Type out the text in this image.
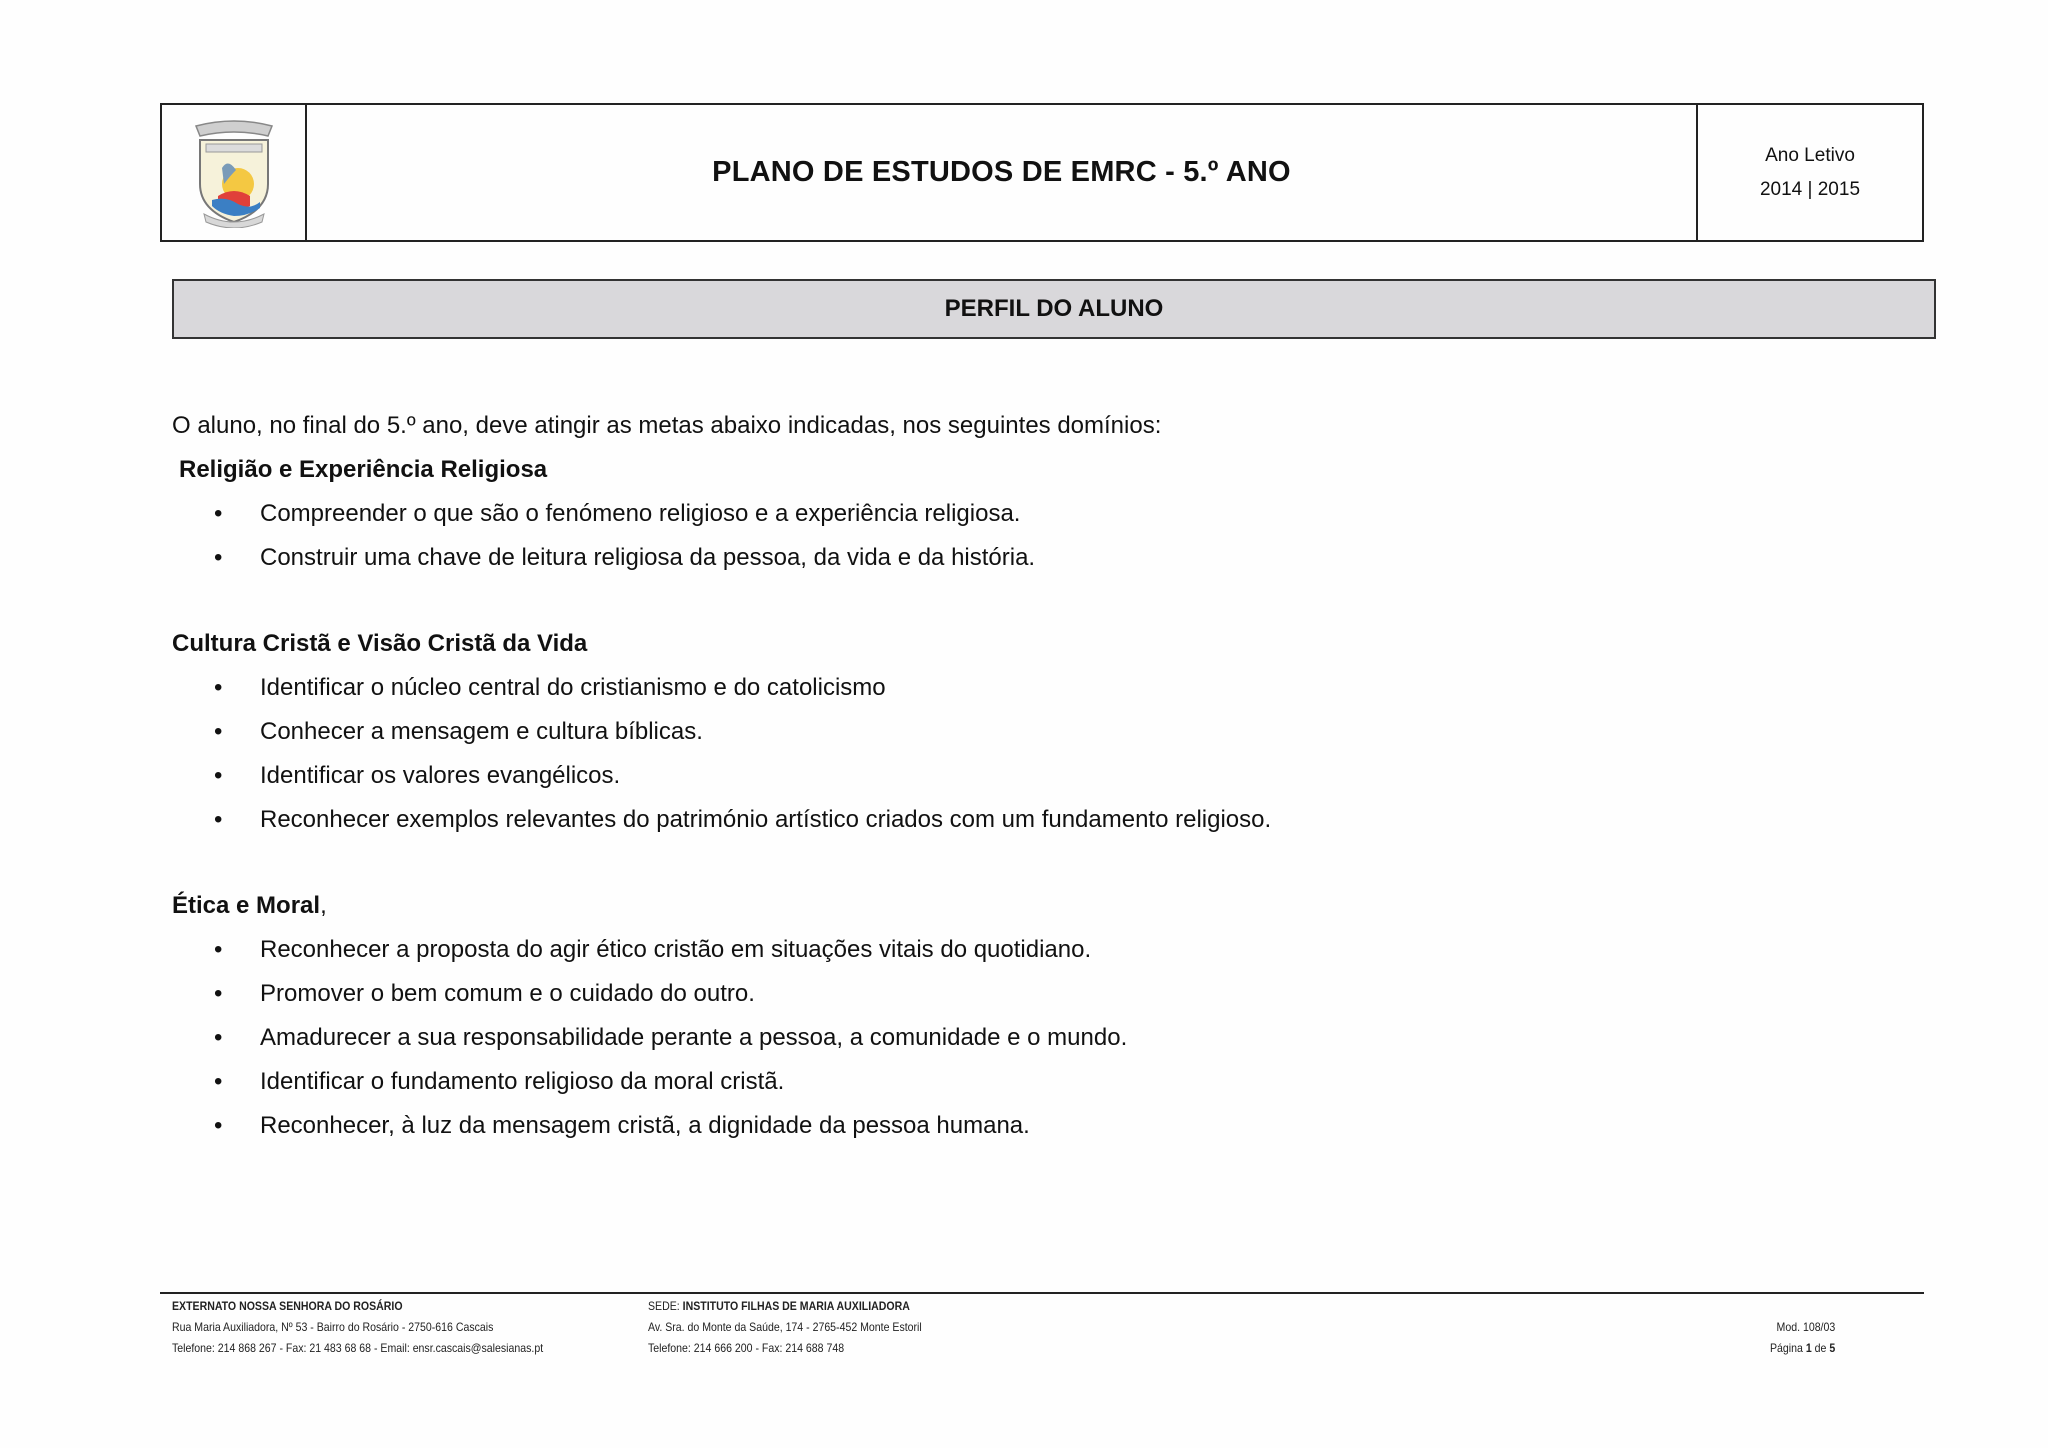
PLANO DE ESTUDOS DE EMRC - 5.º ANO
Ano Letivo
2014 | 2015
PERFIL DO ALUNO

O aluno, no final do 5.º ano, deve atingir as metas abaixo indicadas, nos seguintes domínios:

Religião e Experiência Religiosa

• Compreender o que são o fenómeno religioso e a experiência religiosa.
• Construir uma chave de leitura religiosa da pessoa, da vida e da história.

Cultura Cristã e Visão Cristã da Vida

• Identificar o núcleo central do cristianismo e do catolicismo
• Conhecer a mensagem e cultura bíblicas.
• Identificar os valores evangélicos.
• Reconhecer exemplos relevantes do património artístico criados com um fundamento religioso.

Ética e Moral,

• Reconhecer a proposta do agir ético cristão em situações vitais do quotidiano.
• Promover o bem comum e o cuidado do outro.
• Amadurecer a sua responsabilidade perante a pessoa, a comunidade e o mundo.
• Identificar o fundamento religioso da moral cristã.
• Reconhecer, à luz da mensagem cristã, a dignidade da pessoa humana.
EXTERNATO NOSSA SENHORA DO ROSÁRIO
Rua Maria Auxiliadora, Nº 53 - Bairro do Rosário - 2750-616 Cascais
Telefone: 214 868 267 - Fax: 21 483 68 68 - Email: ensr.cascais@salesianas.pt
SEDE: INSTITUTO FILHAS DE MARIA AUXILIADORA
Av. Sra. do Monte da Saúde, 174 - 2765-452 Monte Estoril
Telefone: 214 666 200 - Fax: 214 688 748
Mod. 108/03
Página 1 de 5
